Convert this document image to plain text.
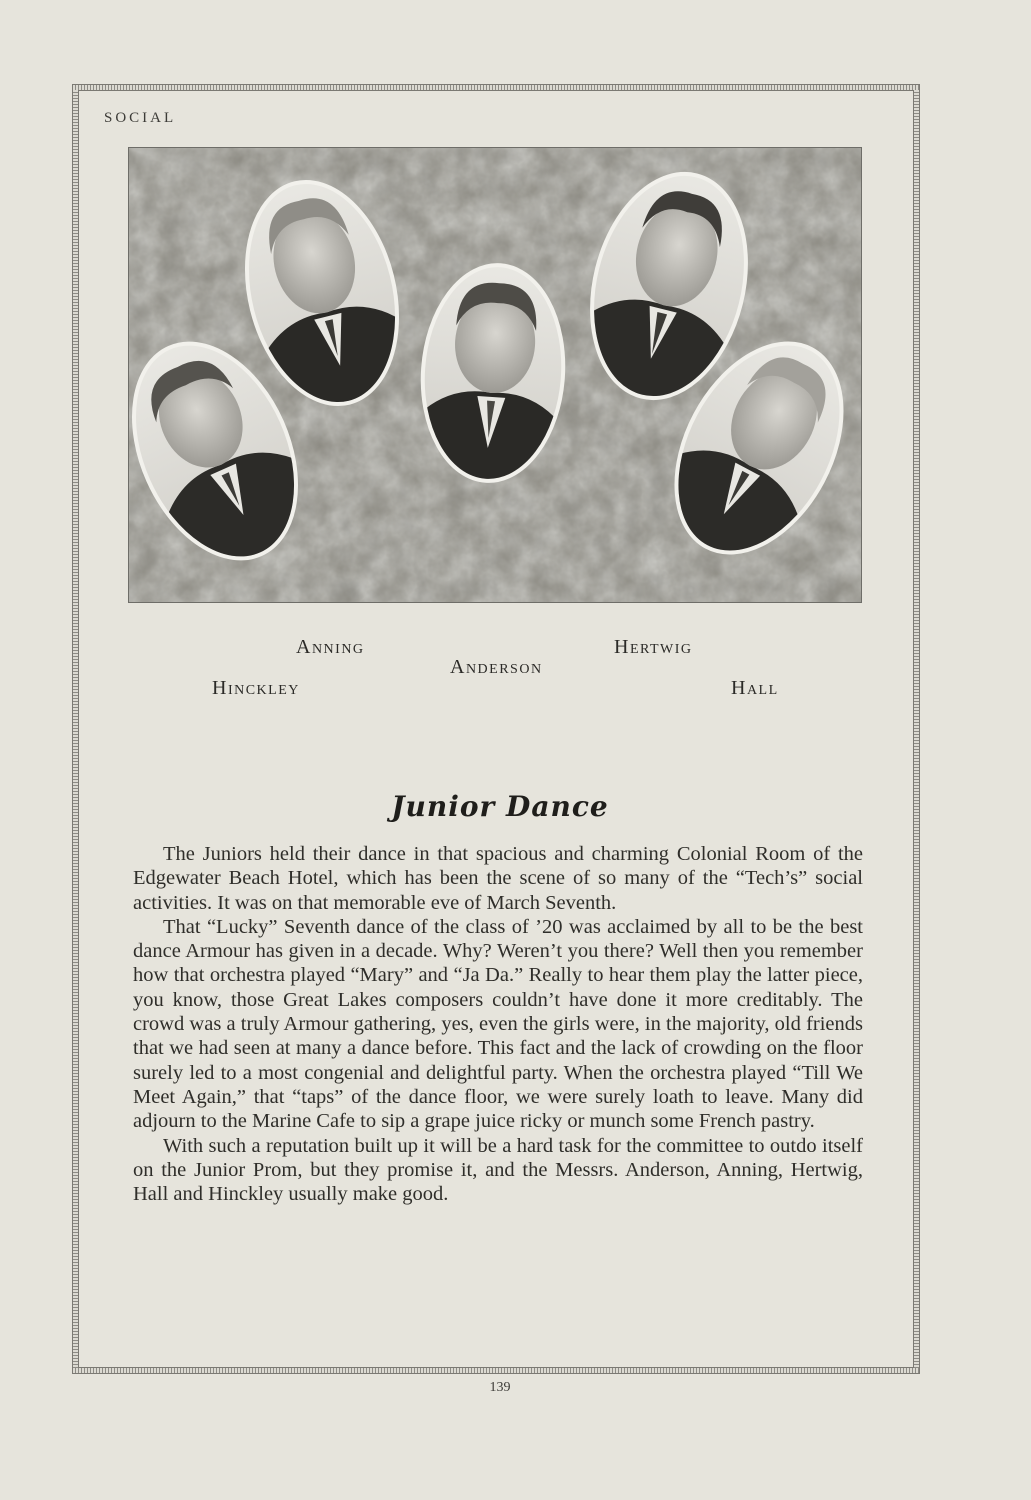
SOCIAL
Anning
Anderson
Hertwig
Hinckley	Hall
Junior Dance

The Juniors held their dance in that spacious and charming Colonial Room of the Edgewater Beach Hotel, which has been the scene of so many of the “Tech’s” social activities. It was on that memorable eve of March Seventh.

That “Lucky” Seventh dance of the class of ’20 was acclaimed by all to be the best dance Armour has given in a decade. Why? Weren’t you there? Well then you remember how that orchestra played “Mary” and “Ja Da.” Really to hear them play the latter piece, you know, those Great Lakes composers couldn’t have done it more creditably. The crowd was a truly Armour gathering, yes, even the girls were, in the majority, old friends that we had seen at many a dance before. This fact and the lack of crowding on the floor surely led to a most congenial and delightful party. When the orchestra played “Till We Meet Again,” that “taps” of the dance floor, we were surely loath to leave. Many did adjourn to the Marine Cafe to sip a grape juice ricky or munch some French pastry.

With such a reputation built up it will be a hard task for the committee to outdo itself on the Junior Prom, but they promise it, and the Messrs. Anderson, Anning, Hertwig, Hall and Hinckley usually make good.

139
